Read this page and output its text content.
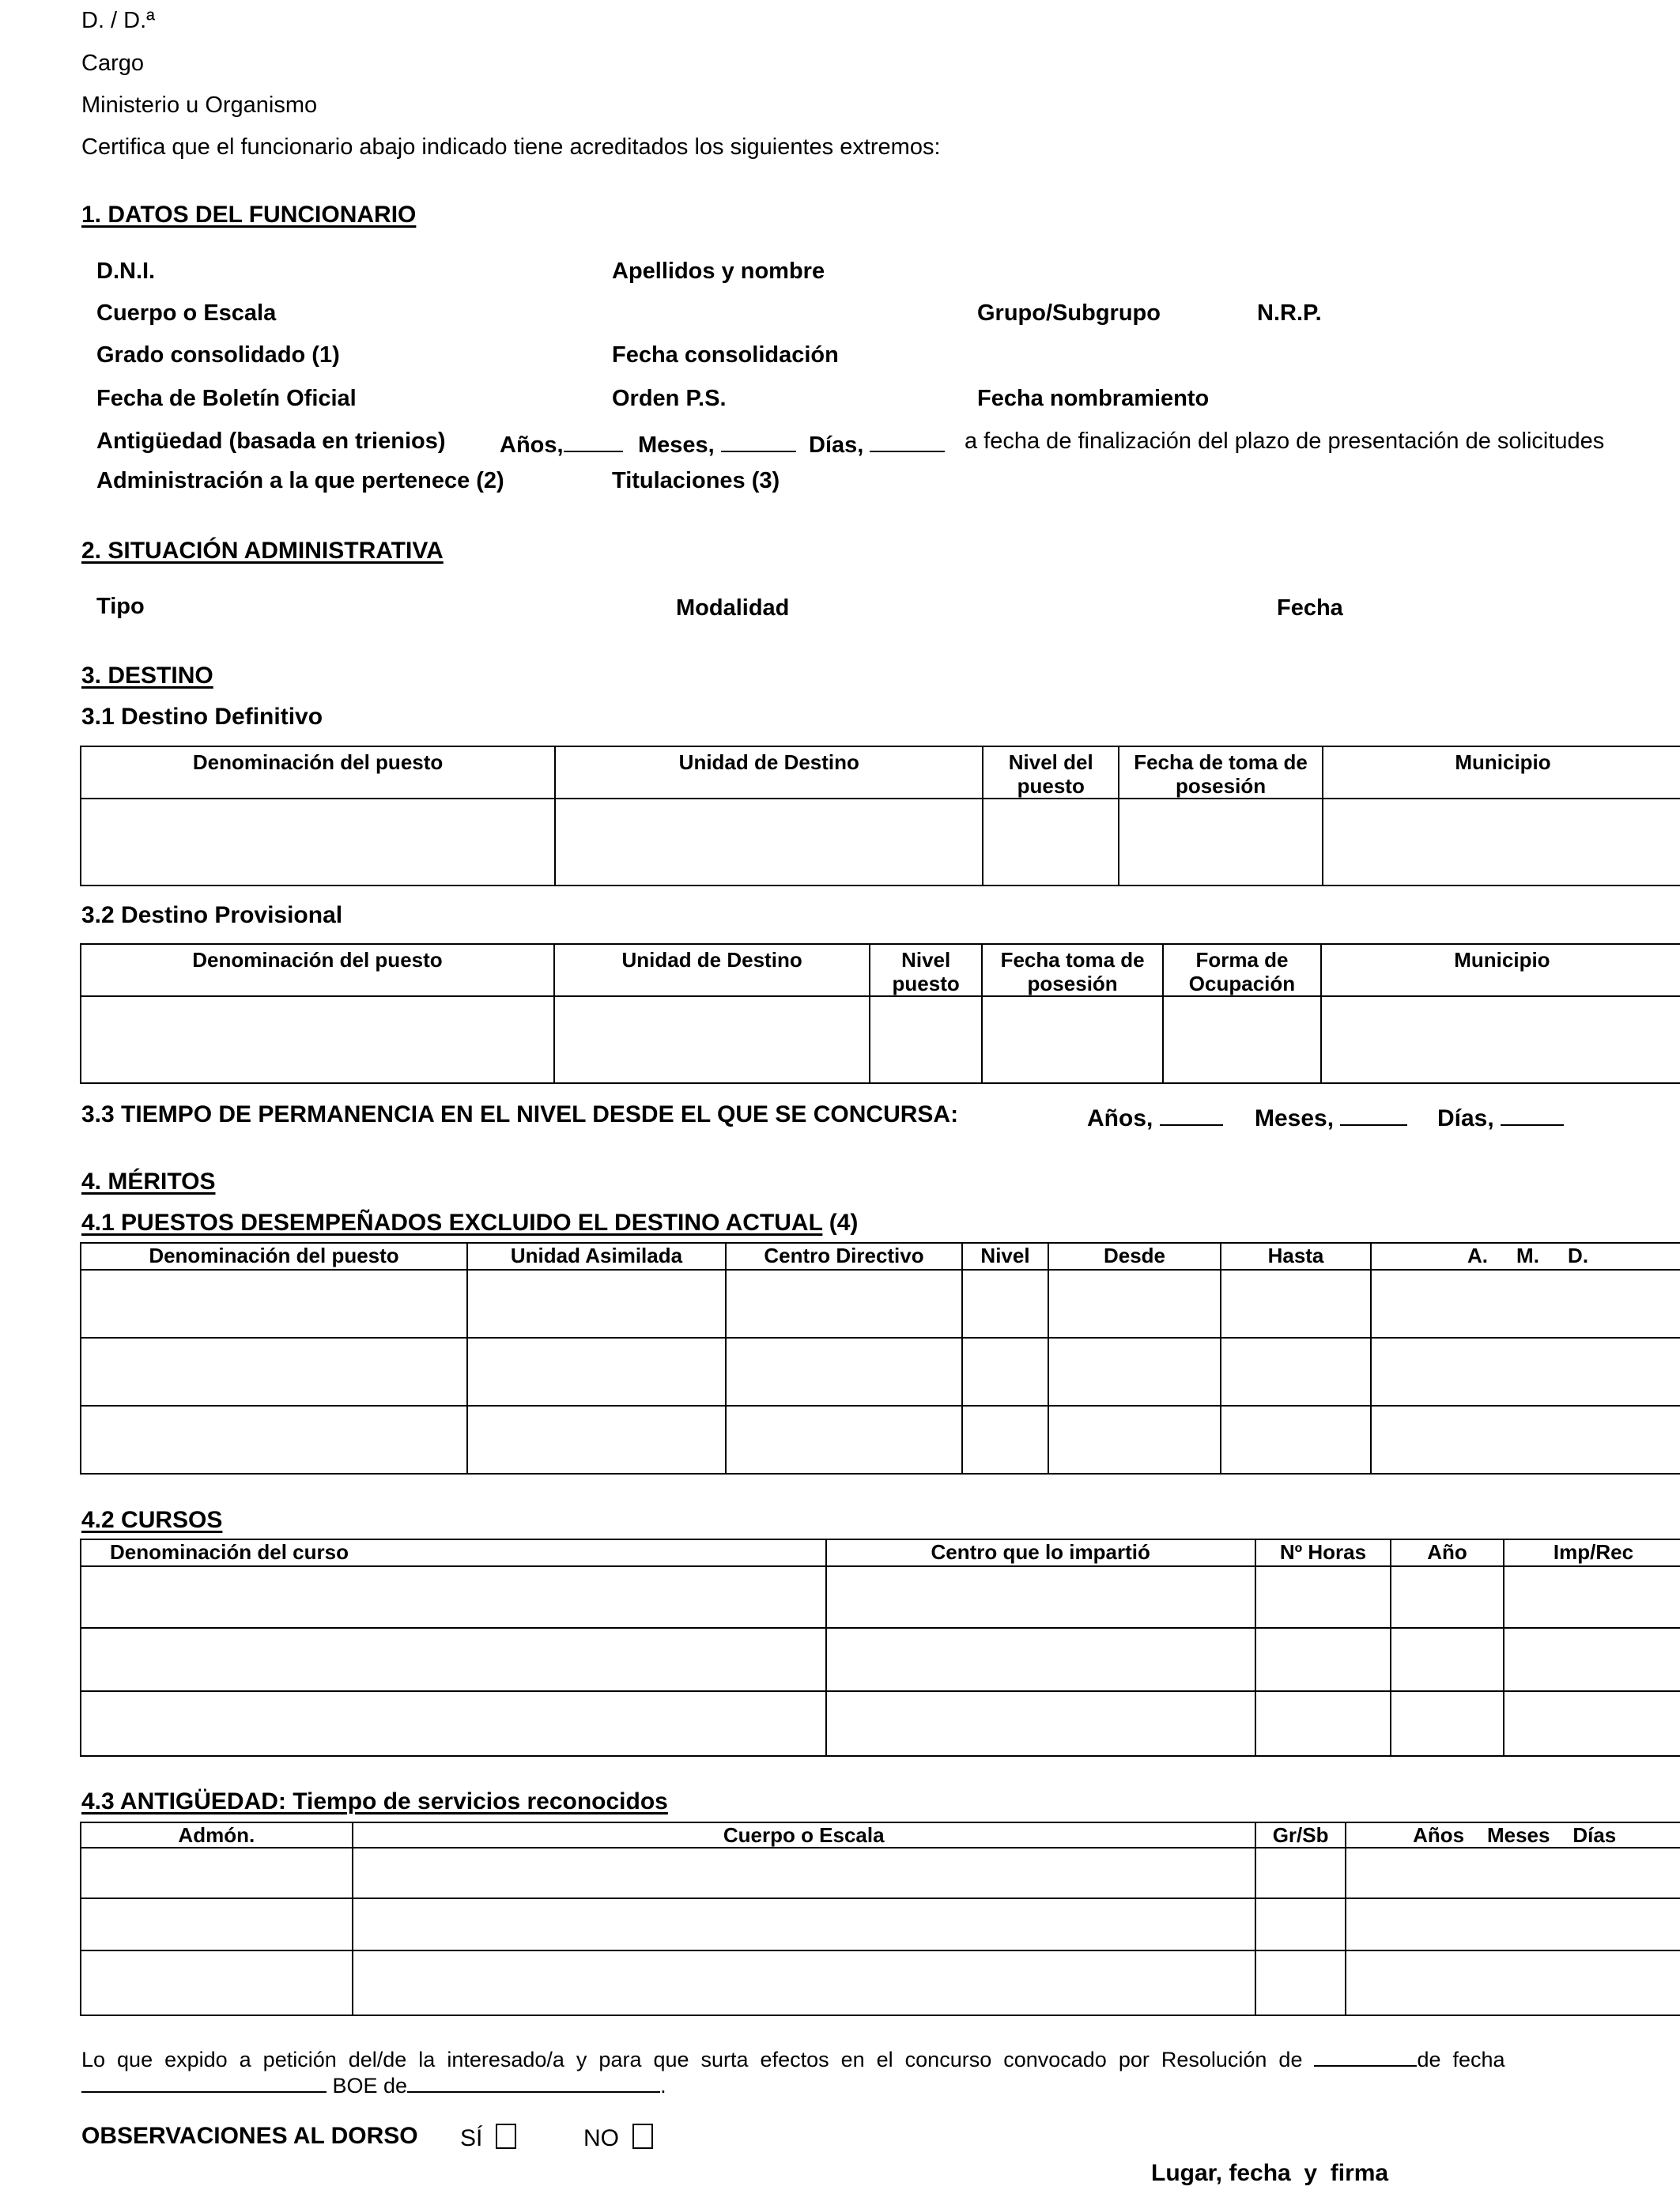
D. / D.ª
Cargo
Ministerio u Organismo
Certifica que el funcionario abajo indicado tiene acreditados los siguientes extremos:
1. DATOS DEL FUNCIONARIO
D.N.I.	Apellidos y nombre
Cuerpo o Escala	Grupo/Subgrupo	N.R.P.
Grado consolidado (1)	Fecha consolidación
Fecha de Boletín Oficial	Orden P.S.	Fecha nombramiento
Antigüedad (basada en trienios) Años,	Meses,	Días,	a fecha de finalización del plazo de presentación de solicitudes
Administración a la que pertenece (2)	Titulaciones (3)
2. SITUACIÓN ADMINISTRATIVA
Tipo	Modalidad	Fecha
3. DESTINO
3.1 Destino Definitivo
Denominación del puesto	Unidad de Destino	Nivel del puesto	Fecha de toma de posesión	Municipio

3.2 Destino Provisional
Denominación del puesto	Unidad de Destino	Nivel puesto	Fecha toma de posesión	Forma de Ocupación	Municipio

3.3 TIEMPO DE PERMANENCIA EN EL NIVEL DESDE EL QUE SE CONCURSA:	Años,	Meses,	Días,
4. MÉRITOS
4.1 PUESTOS DESEMPEÑADOS EXCLUIDO EL DESTINO ACTUAL (4)
Denominación del puesto	Unidad Asimilada	Centro Directivo	Nivel	Desde	Hasta	A.     M.     D.

4.2 CURSOS
Denominación del curso	Centro que lo impartió	Nº Horas	Año	Imp/Rec

4.3 ANTIGÜEDAD: Tiempo de servicios reconocidos
Admón.	Cuerpo o Escala	Gr/Sb	Años    Meses    Días

Lo  que  expido  a  petición  del/de  la  interesado/a  y  para  que  surta  efectos  en  el  concurso  convocado  por  Resolución  de	de  fecha
BOE de	.
OBSERVACIONES AL DORSO SÍ	NO
Lugar, fecha  y  firma
